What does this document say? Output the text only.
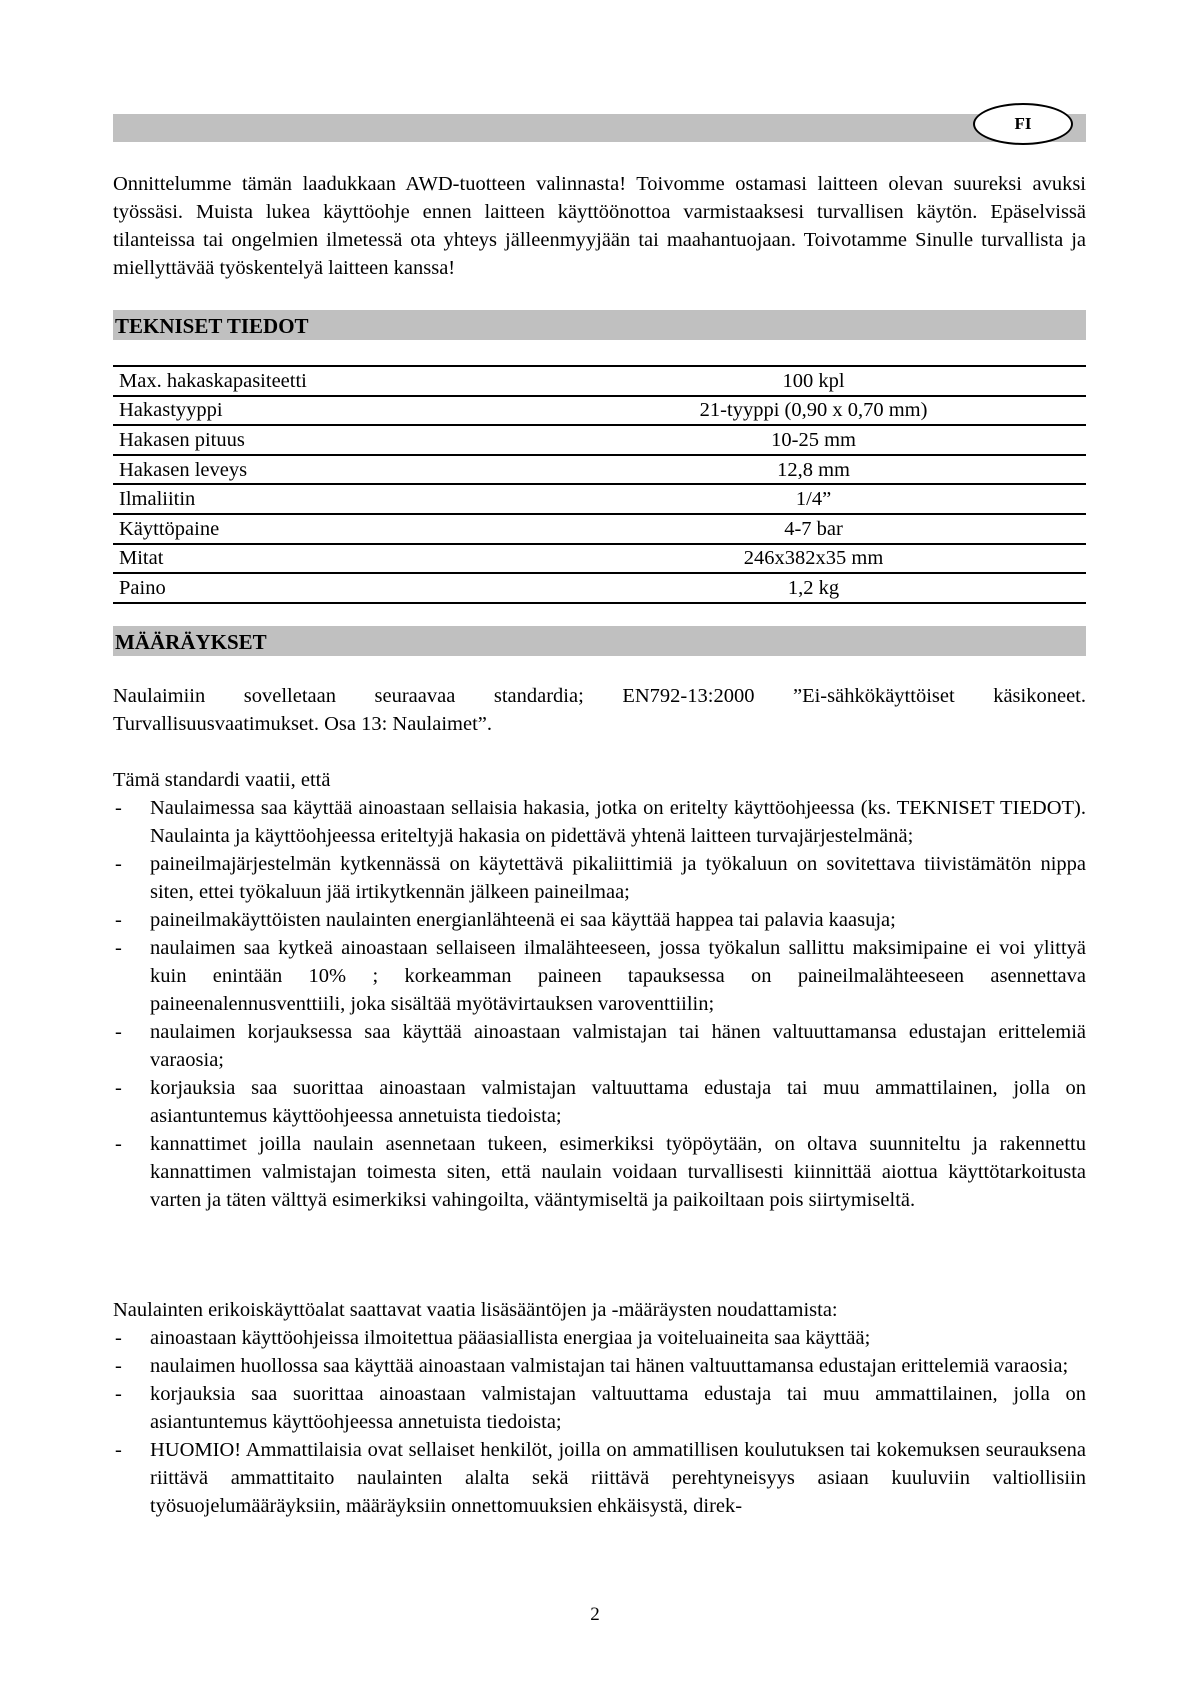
FI
Onnittelumme tämän laadukkaan AWD-tuotteen valinnasta! Toivomme ostamasi laitteen olevan suureksi avuksi työssäsi. Muista lukea käyttöohje ennen laitteen käyttöönottoa varmistaaksesi turvallisen käytön. Epäselvissä tilanteissa tai ongelmien ilmetessä ota yhteys jälleenmyyjään tai maahantuojaan. Toivotamme Sinulle turvallista ja miellyttävää työskentelyä laitteen kanssa!
TEKNISET TIEDOT
Max. hakaskapasiteetti	100 kpl
Hakastyyppi	21-tyyppi (0,90 x 0,70 mm)
Hakasen pituus	10-25 mm
Hakasen leveys	12,8 mm
Ilmaliitin	1/4”
Käyttöpaine	4-7 bar
Mitat	246x382x35 mm
Paino	1,2 kg
MÄÄRÄYKSET
Naulaimiin sovelletaan seuraavaa standardia; EN792-13:2000 ”Ei-sähkökäyttöiset käsikoneet. Turvallisuusvaatimukset. Osa 13: Naulaimet”.
Tämä standardi vaatii, että
- Naulaimessa saa käyttää ainoastaan sellaisia hakasia, jotka on eritelty käyttöohjeessa (ks. TEKNISET TIEDOT). Naulainta ja käyttöohjeessa eriteltyjä hakasia on pidettävä yhtenä laitteen turvajärjestelmänä;
- paineilmajärjestelmän kytkennässä on käytettävä pikaliittimiä ja työkaluun on sovitettava tiivistämätön nippa siten, ettei työkaluun jää irtikytkennän jälkeen paineilmaa;
- paineilmakäyttöisten naulainten energianlähteenä ei saa käyttää happea tai palavia kaasuja;
- naulaimen saa kytkeä ainoastaan sellaiseen ilmalähteeseen, jossa työkalun sallittu maksimipaine ei voi ylittyä kuin enintään 10% ; korkeamman paineen tapauksessa on paineilmalähteeseen asennettava paineenalennusventtiili, joka sisältää myötävirtauksen varoventtiilin;
- naulaimen korjauksessa saa käyttää ainoastaan valmistajan tai hänen valtuuttamansa edustajan erittelemiä varaosia;
- korjauksia saa suorittaa ainoastaan valmistajan valtuuttama edustaja tai muu ammattilainen, jolla on asiantuntemus käyttöohjeessa annetuista tiedoista;
- kannattimet joilla naulain asennetaan tukeen, esimerkiksi työpöytään, on oltava suunniteltu ja rakennettu kannattimen valmistajan toimesta siten, että naulain voidaan turvallisesti kiinnittää aiottua käyttötarkoitusta varten ja täten välttyä esimerkiksi vahingoilta, vääntymiseltä ja paikoiltaan pois siirtymiseltä.
Naulainten erikoiskäyttöalat saattavat vaatia lisäsääntöjen ja -määräysten noudattamista:
- ainoastaan käyttöohjeissa ilmoitettua pääasiallista energiaa ja voiteluaineita saa käyttää;
- naulaimen huollossa saa käyttää ainoastaan valmistajan tai hänen valtuuttamansa edustajan erittelemiä varaosia;
- korjauksia saa suorittaa ainoastaan valmistajan valtuuttama edustaja tai muu ammattilainen, jolla on asiantuntemus käyttöohjeessa annetuista tiedoista;
- HUOMIO! Ammattilaisia ovat sellaiset henkilöt, joilla on ammatillisen koulutuksen tai kokemuksen seurauksena riittävä ammattitaito naulainten alalta sekä riittävä perehtyneisyys asiaan kuuluviin valtiollisiin työsuojelumääräyksiin, määräyksiin onnettomuuksien ehkäisystä, direk-
2
